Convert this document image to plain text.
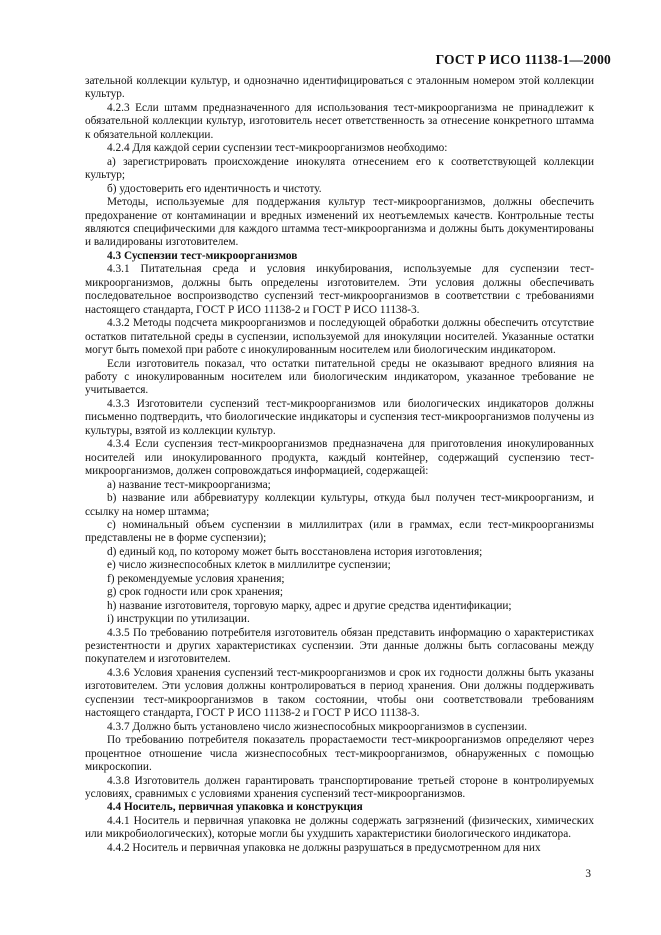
ГОСТ Р ИСО 11138-1—2000

зательной коллекции культур, и однозначно идентифицироваться с эталонным номером этой коллекции культур.

4.2.3 Если штамм предназначенного для использования тест-микроорганизма не принадлежит к обязательной коллекции культур, изготовитель несет ответственность за отнесение конкретного штамма к обязательной коллекции.

4.2.4 Для каждой серии суспензии тест-микроорганизмов необходимо:

а) зарегистрировать происхождение инокулята отнесением его к соответствующей коллекции культур;

б) удостоверить его идентичность и чистоту.

Методы, используемые для поддержания культур тест-микроорганизмов, должны обеспечить предохранение от контаминации и вредных изменений их неотъемлемых качеств. Контрольные тесты являются специфическими для каждого штамма тест-микроорганизма и должны быть документированы и валидированы изготовителем.

4.3 Суспензии тест-микроорганизмов

4.3.1 Питательная среда и условия инкубирования, используемые для суспензии тест-микроорганизмов, должны быть определены изготовителем. Эти условия должны обеспечивать последовательное воспроизводство суспензий тест-микроорганизмов в соответствии с требованиями настоящего стандарта, ГОСТ Р ИСО 11138-2 и ГОСТ Р ИСО 11138-3.

4.3.2 Методы подсчета микроорганизмов и последующей обработки должны обеспечить отсутствие остатков питательной среды в суспензии, используемой для инокуляции носителей. Указанные остатки могут быть помехой при работе с инокулированным носителем или биологическим индикатором.

Если изготовитель показал, что остатки питательной среды не оказывают вредного влияния на работу с инокулированным носителем или биологическим индикатором, указанное требование не учитывается.

4.3.3 Изготовители суспензий тест-микроорганизмов или биологических индикаторов должны письменно подтвердить, что биологические индикаторы и суспензия тест-микроорганизмов получены из культуры, взятой из коллекции культур.

4.3.4 Если суспензия тест-микроорганизмов предназначена для приготовления инокулированных носителей или инокулированного продукта, каждый контейнер, содержащий суспензию тест-микроорганизмов, должен сопровождаться информацией, содержащей:

а) название тест-микроорганизма;

b) название или аббревиатуру коллекции культуры, откуда был получен тест-микроорганизм, и ссылку на номер штамма;

с) номинальный объем суспензии в миллилитрах (или в граммах, если тест-микроорганизмы представлены не в форме суспензии);

d) единый код, по которому может быть восстановлена история изготовления;

е) число жизнеспособных клеток в миллилитре суспензии;

f) рекомендуемые условия хранения;

g) срок годности или срок хранения;

h) название изготовителя, торговую марку, адрес и другие средства идентификации;

i) инструкции по утилизации.

4.3.5 По требованию потребителя изготовитель обязан представить информацию о характеристиках резистентности и других характеристиках суспензии. Эти данные должны быть согласованы между покупателем и изготовителем.

4.3.6 Условия хранения суспензий тест-микроорганизмов и срок их годности должны быть указаны изготовителем. Эти условия должны контролироваться в период хранения. Они должны поддерживать суспензии тест-микроорганизмов в таком состоянии, чтобы они соответствовали требованиям настоящего стандарта, ГОСТ Р ИСО 11138-2 и ГОСТ Р ИСО 11138-3.

4.3.7 Должно быть установлено число жизнеспособных микроорганизмов в суспензии.

По требованию потребителя показатель прорастаемости тест-микроорганизмов определяют через процентное отношение числа жизнеспособных тест-микроорганизмов, обнаруженных с помощью микроскопии.

4.3.8 Изготовитель должен гарантировать транспортирование третьей стороне в контролируемых условиях, сравнимых с условиями хранения суспензий тест-микроорганизмов.

4.4 Носитель, первичная упаковка и конструкция

4.4.1 Носитель и первичная упаковка не должны содержать загрязнений (физических, химических или микробиологических), которые могли бы ухудшить характеристики биологического индикатора.

4.4.2 Носитель и первичная упаковка не должны разрушаться в предусмотренном для них

3
